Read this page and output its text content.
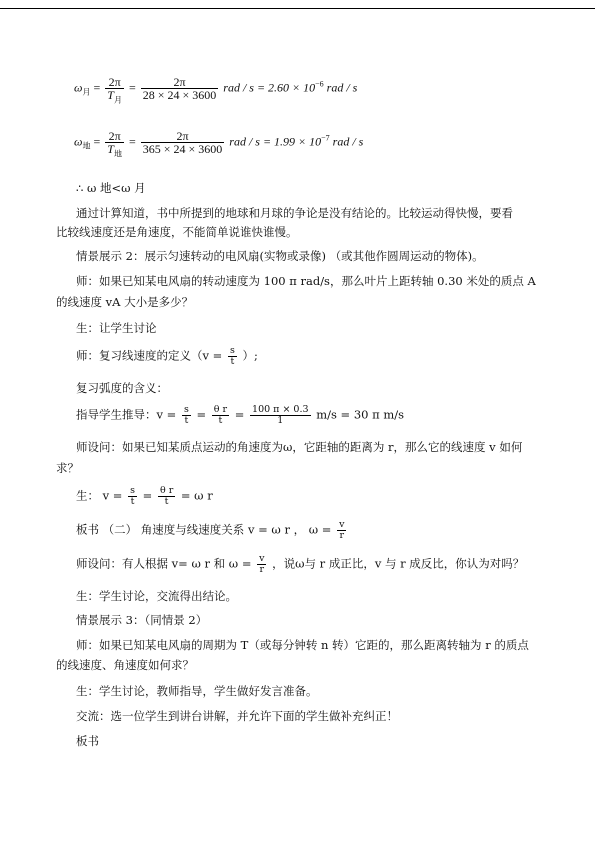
$\omega_月 = \frac{2\pi}{T_月} = \frac{2\pi}{28 \times 24 \times 3600}$ rad / $s = 2.60 \times 10^{-6}$ rad / s
$\omega_地 = \frac{2\pi}{T_地} = \frac{2\pi}{365 \times 24 \times 3600}$ rad / $s = 1.99 \times 10^{-7}$ rad / s
∴ ω 地<ω 月
通过计算知道，书中所提到的地球和月球的争论是没有结论的。比较运动得快慢，要看
比较线速度还是角速度，不能简单说谁快谁慢。
情景展示 2：展示匀速转动的电风扇(实物或录像) （或其他作圆周运动的物体)。
师：如果已知某电风扇的转动速度为 100 π rad/s，那么叶片上距转轴 0.30 米处的质点 A
的线速度 vA 大小是多少？
生：让学生讨论
师：复习线速度的定义（$v = \frac{s}{t}$ ）;
复习弧度的含义：
指导学生推导：$v = \frac{s}{t} = \frac{\text{θ r}}{t} = \frac{100 \pi \times 0.3}{1} m/s = 30$ π m/s
师设问：如果已知某质点运动的角速度为ω，它距轴的距离为 r，那么它的线速度 v 如何
求？
生： $v = \frac{s}{t} = \frac{\text{θ r}}{t} = \omega$ r
板书 （二） 角速度与线速度关系 v = ω r ， $\omega = \frac{v}{r}$
师设问：有人根据 v= ω r 和 $\omega = \frac{v}{r}$ ，说ω与 r 成正比，v 与 r 成反比，你认为对吗？
生：学生讨论，交流得出结论。
情景展示 3：（同情景 2）
师：如果已知某电风扇的周期为 T（或每分钟转 n 转）它距的，那么距离转轴为 r 的质点
的线速度、角速度如何求？
生：学生讨论，教师指导，学生做好发言准备。
交流：选一位学生到讲台讲解，并允许下面的学生做补充纠正！
板书
